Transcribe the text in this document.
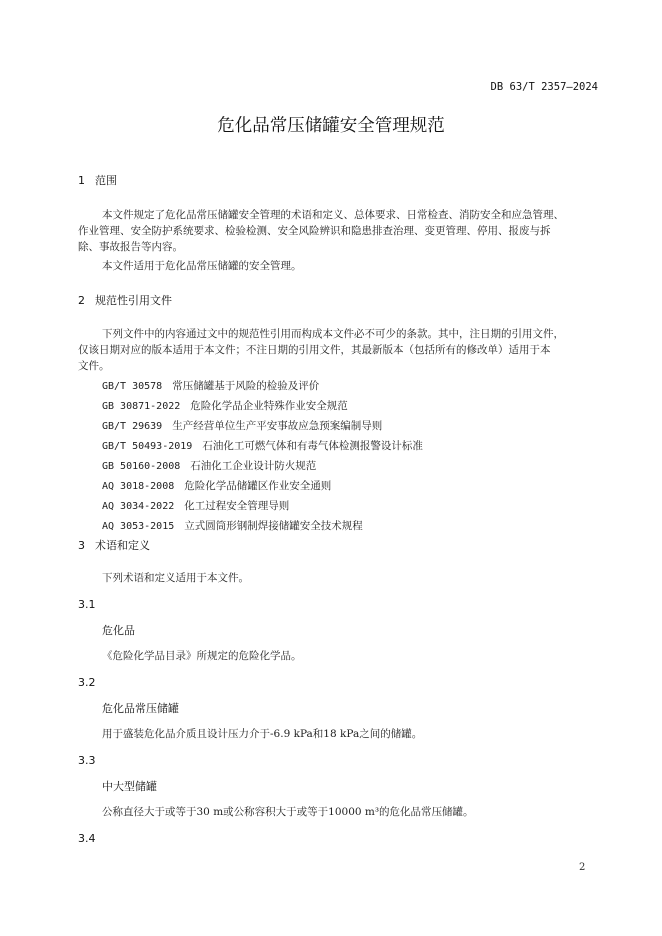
DB 63/T 2357—2024
危化品常压储罐安全管理规范
1 范围
本文件规定了危化品常压储罐安全管理的术语和定义、总体要求、日常检查、消防安全和应急管理、
作业管理、安全防护系统要求、检验检测、安全风险辨识和隐患排查治理、变更管理、停用、报废与拆
除、事故报告等内容。
本文件适用于危化品常压储罐的安全管理。
2 规范性引用文件
下列文件中的内容通过文中的规范性引用而构成本文件必不可少的条款。其中，注日期的引用文件，
仅该日期对应的版本适用于本文件；不注日期的引用文件，其最新版本（包括所有的修改单）适用于本
文件。
GB/T 30578 常压储罐基于风险的检验及评价
GB 30871-2022 危险化学品企业特殊作业安全规范
GB/T 29639 生产经营单位生产平安事故应急预案编制导则
GB/T 50493-2019 石油化工可燃气体和有毒气体检测报警设计标准
GB 50160-2008 石油化工企业设计防火规范
AQ 3018-2008 危险化学品储罐区作业安全通则
AQ 3034-2022 化工过程安全管理导则
AQ 3053-2015 立式圆筒形钢制焊接储罐安全技术规程
3 术语和定义
下列术语和定义适用于本文件。
3.1
危化品
《危险化学品目录》所规定的危险化学品。
3.2
危化品常压储罐
用于盛装危化品介质且设计压力介于-6.9 kPa和18 kPa之间的储罐。
3.3
中大型储罐
公称直径大于或等于30 m或公称容积大于或等于10000 m³的危化品常压储罐。
3.4
2
